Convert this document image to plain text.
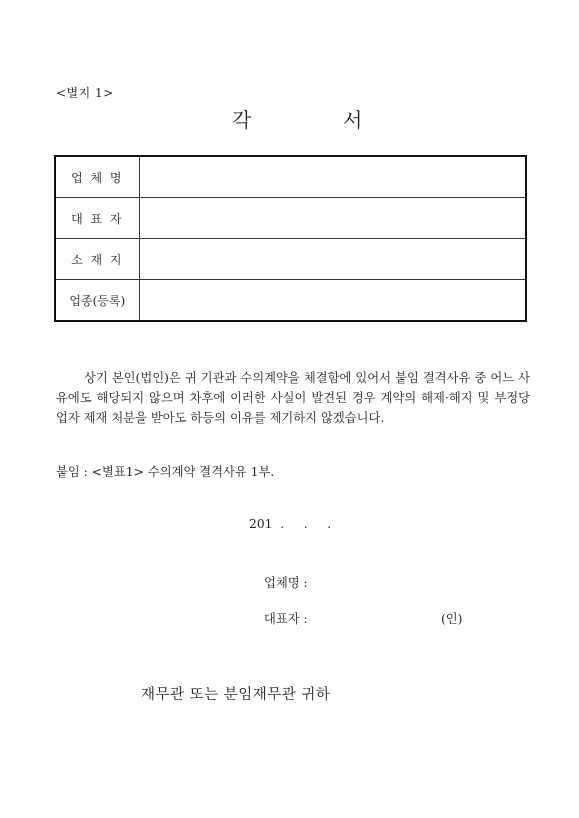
<별지 1>
각	서
업 체 명	
대 표 자	
소 재 지	
업종(등록)	
상기 본인(법인)은 귀 기관과 수의계약을 체결함에 있어서 붙임 결격사유 중 어느 사유에도 해당되지 않으며 차후에 이러한 사실이 발견된 경우 계약의 해제·해지 및 부정당업자 제재 처분을 받아도 하등의 이유를 제기하지 않겠습니다.
붙임 : <별표1> 수의계약 결격사유 1부.
201  .     .     .
업체명 :
대표자 :	(인)
재무관 또는 분임재무관 귀하
